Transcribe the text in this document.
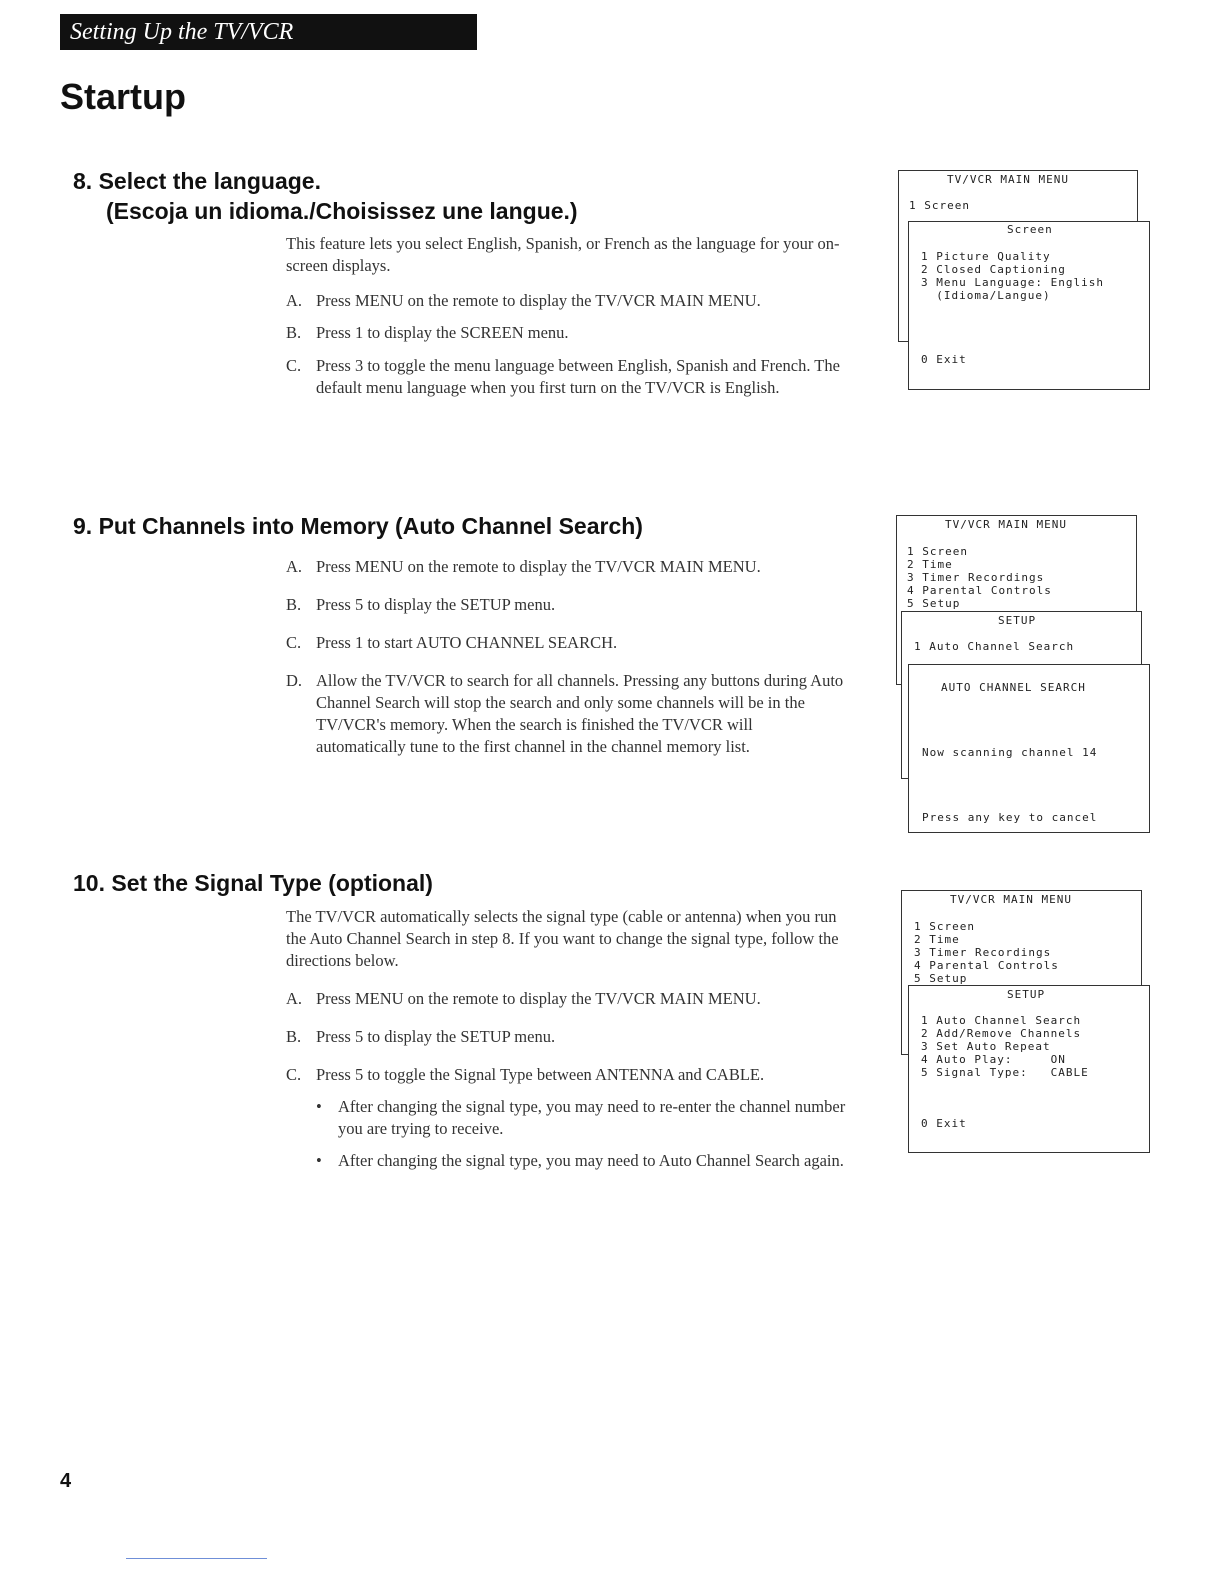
Setting Up the TV/VCR
Startup
8. Select the language.
(Escoja un idioma./Choisissez une langue.)

This feature lets you select English, Spanish, or French as the language for your on-screen displays.

A. Press MENU on the remote to display the TV/VCR MAIN MENU.
B. Press 1 to display the SCREEN menu.
C. Press 3 to toggle the menu language between English, Spanish and French. The default menu language when you first turn on the TV/VCR is English.
TV/VCR MAIN MENU
1 Screen
Screen
1 Picture Quality
2 Closed Captioning
3 Menu Language: English
(Idioma/Langue)
0 Exit
9. Put Channels into Memory (Auto Channel Search)
A. Press MENU on the remote to display the TV/VCR MAIN MENU.
B. Press 5 to display the SETUP menu.
C. Press 1 to start AUTO CHANNEL SEARCH.
D. Allow the TV/VCR to search for all channels. Pressing any buttons during Auto Channel Search will stop the search and only some channels will be in the TV/VCR's memory. When the search is finished the TV/VCR will automatically tune to the first channel in the channel memory list.
TV/VCR MAIN MENU
1 Screen
2 Time
3 Timer Recordings
4 Parental Controls
5 Setup
SETUP
1 Auto Channel Search
AUTO CHANNEL SEARCH
Now scanning channel 14
Press any key to cancel
10. Set the Signal Type (optional)

The TV/VCR automatically selects the signal type (cable or antenna) when you run the Auto Channel Search in step 8. If you want to change the signal type, follow the directions below.

A. Press MENU on the remote to display the TV/VCR MAIN MENU.
B. Press 5 to display the SETUP menu.
C. Press 5 to toggle the Signal Type between ANTENNA and CABLE.
• After changing the signal type, you may need to re-enter the channel number you are trying to receive.
• After changing the signal type, you may need to Auto Channel Search again.
TV/VCR MAIN MENU
1 Screen
2 Time
3 Timer Recordings
4 Parental Controls
5 Setup
SETUP
1 Auto Channel Search
2 Add/Remove Channels
3 Set Auto Repeat
4 Auto Play:     ON
5 Signal Type:   CABLE
0 Exit
4
